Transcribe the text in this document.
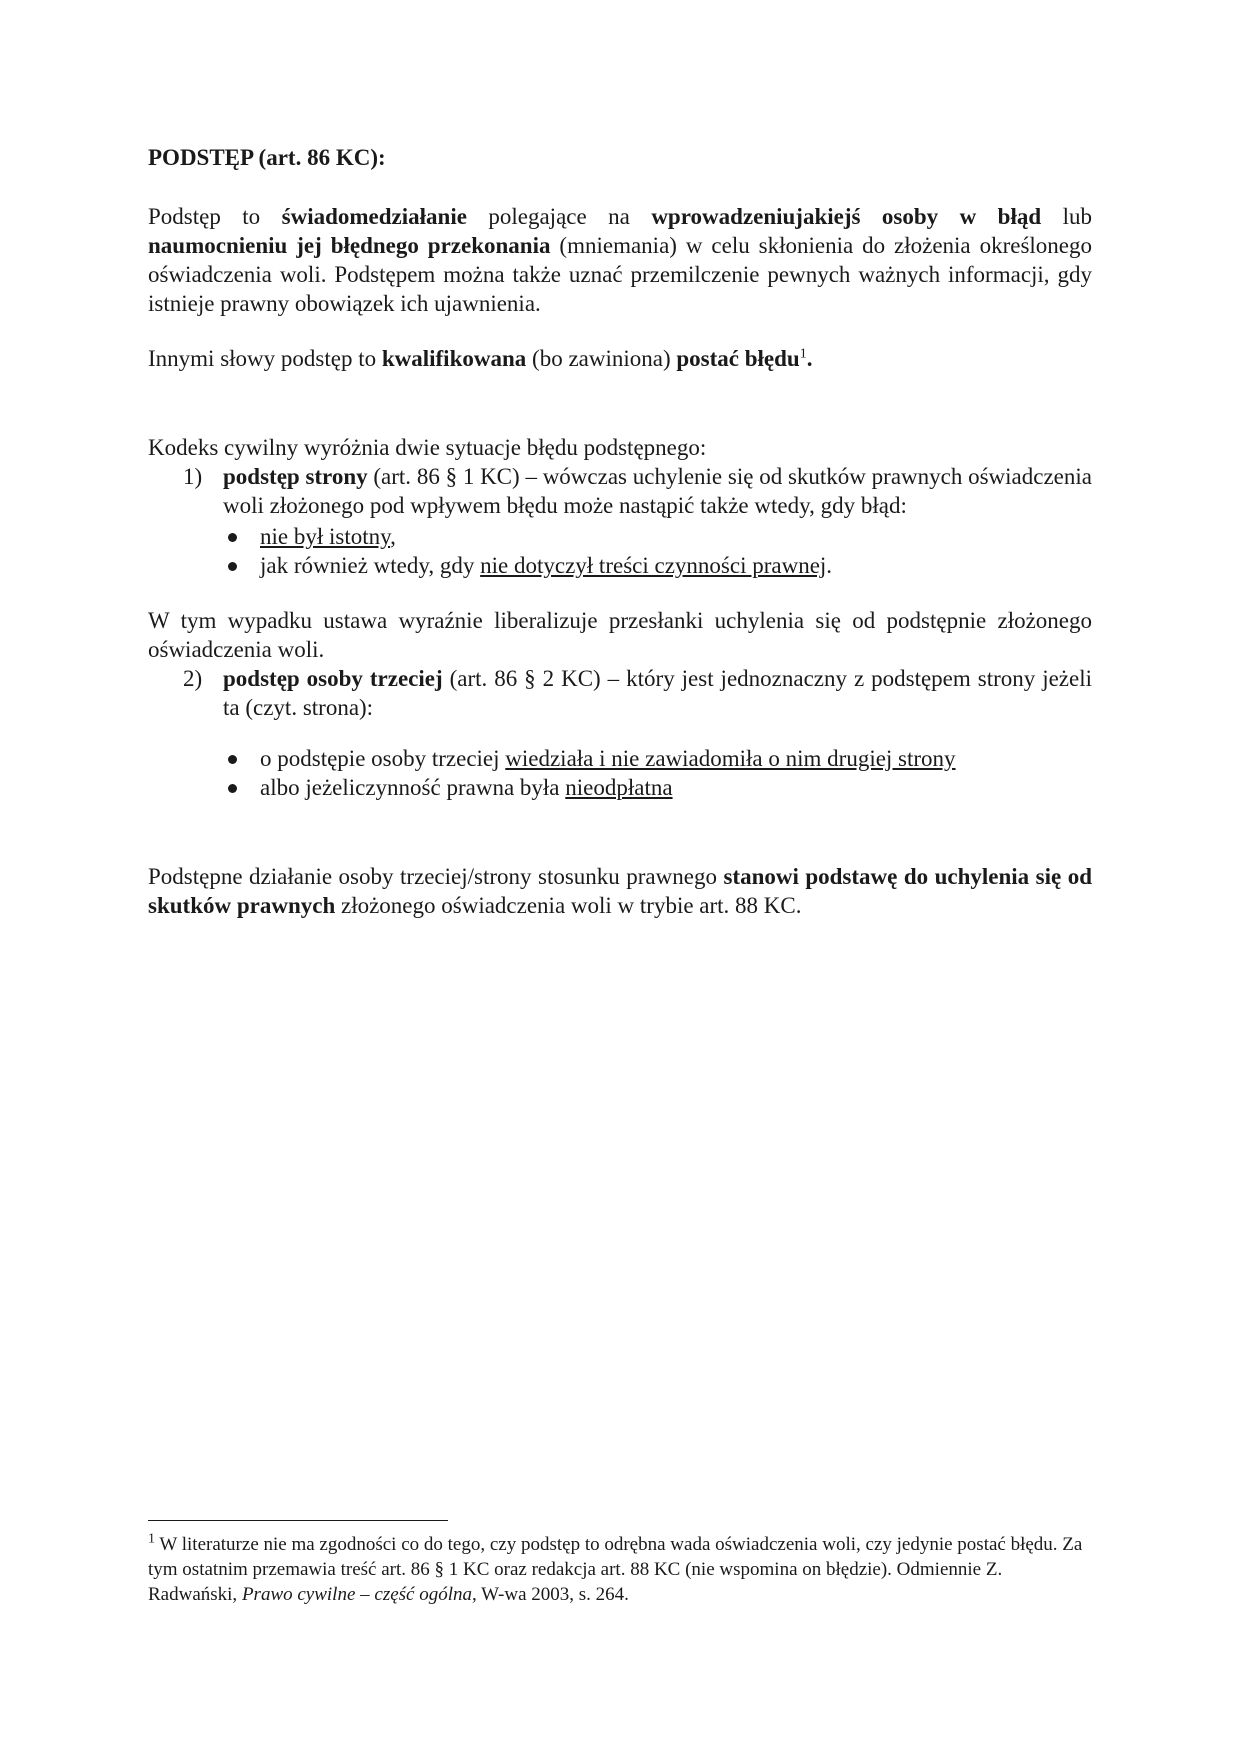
PODSTĘP (art. 86 KC):

Podstęp to świadomedziałanie polegające na wprowadzeniujakiejś osoby w błąd lub naumocnieniu jej błędnego przekonania (mniemania) w celu skłonienia do złożenia określonego oświadczenia woli. Podstępem można także uznać przemilczenie pewnych ważnych informacji, gdy istnieje prawny obowiązek ich ujawnienia.

Innymi słowy podstęp to kwalifikowana (bo zawiniona) postać błędu$^1$.

Kodeks cywilny wyróżnia dwie sytuacje błędu podstępnego:

1) podstęp strony (art. 86 § 1 KC) – wówczas uchylenie się od skutków prawnych oświadczenia woli złożonego pod wpływem błędu może nastąpić także wtedy, gdy błąd:
nie był istotny,
jak również wtedy, gdy nie dotyczył treści czynności prawnej.

W tym wypadku ustawa wyraźnie liberalizuje przesłanki uchylenia się od podstępnie złożonego oświadczenia woli.

2) podstęp osoby trzeciej (art. 86 § 2 KC) – który jest jednoznaczny z podstępem strony jeżeli ta (czyt. strona):
o podstępie osoby trzeciej wiedziała i nie zawiadomiła o nim drugiej strony
albo jeżeliczynność prawna była nieodpłatna

Podstępne działanie osoby trzeciej/strony stosunku prawnego stanowi podstawę do uchylenia się od skutków prawnych złożonego oświadczenia woli w trybie art. 88 KC.

$^1$ W literaturze nie ma zgodności co do tego, czy podstęp to odrębna wada oświadczenia woli, czy jedynie postać błędu. Za tym ostatnim przemawia treść art. 86 § 1 KC oraz redakcja art. 88 KC (nie wspomina on błędzie). Odmiennie Z. Radwański, Prawo cywilne – część ogólna, W-wa 2003, s. 264.
